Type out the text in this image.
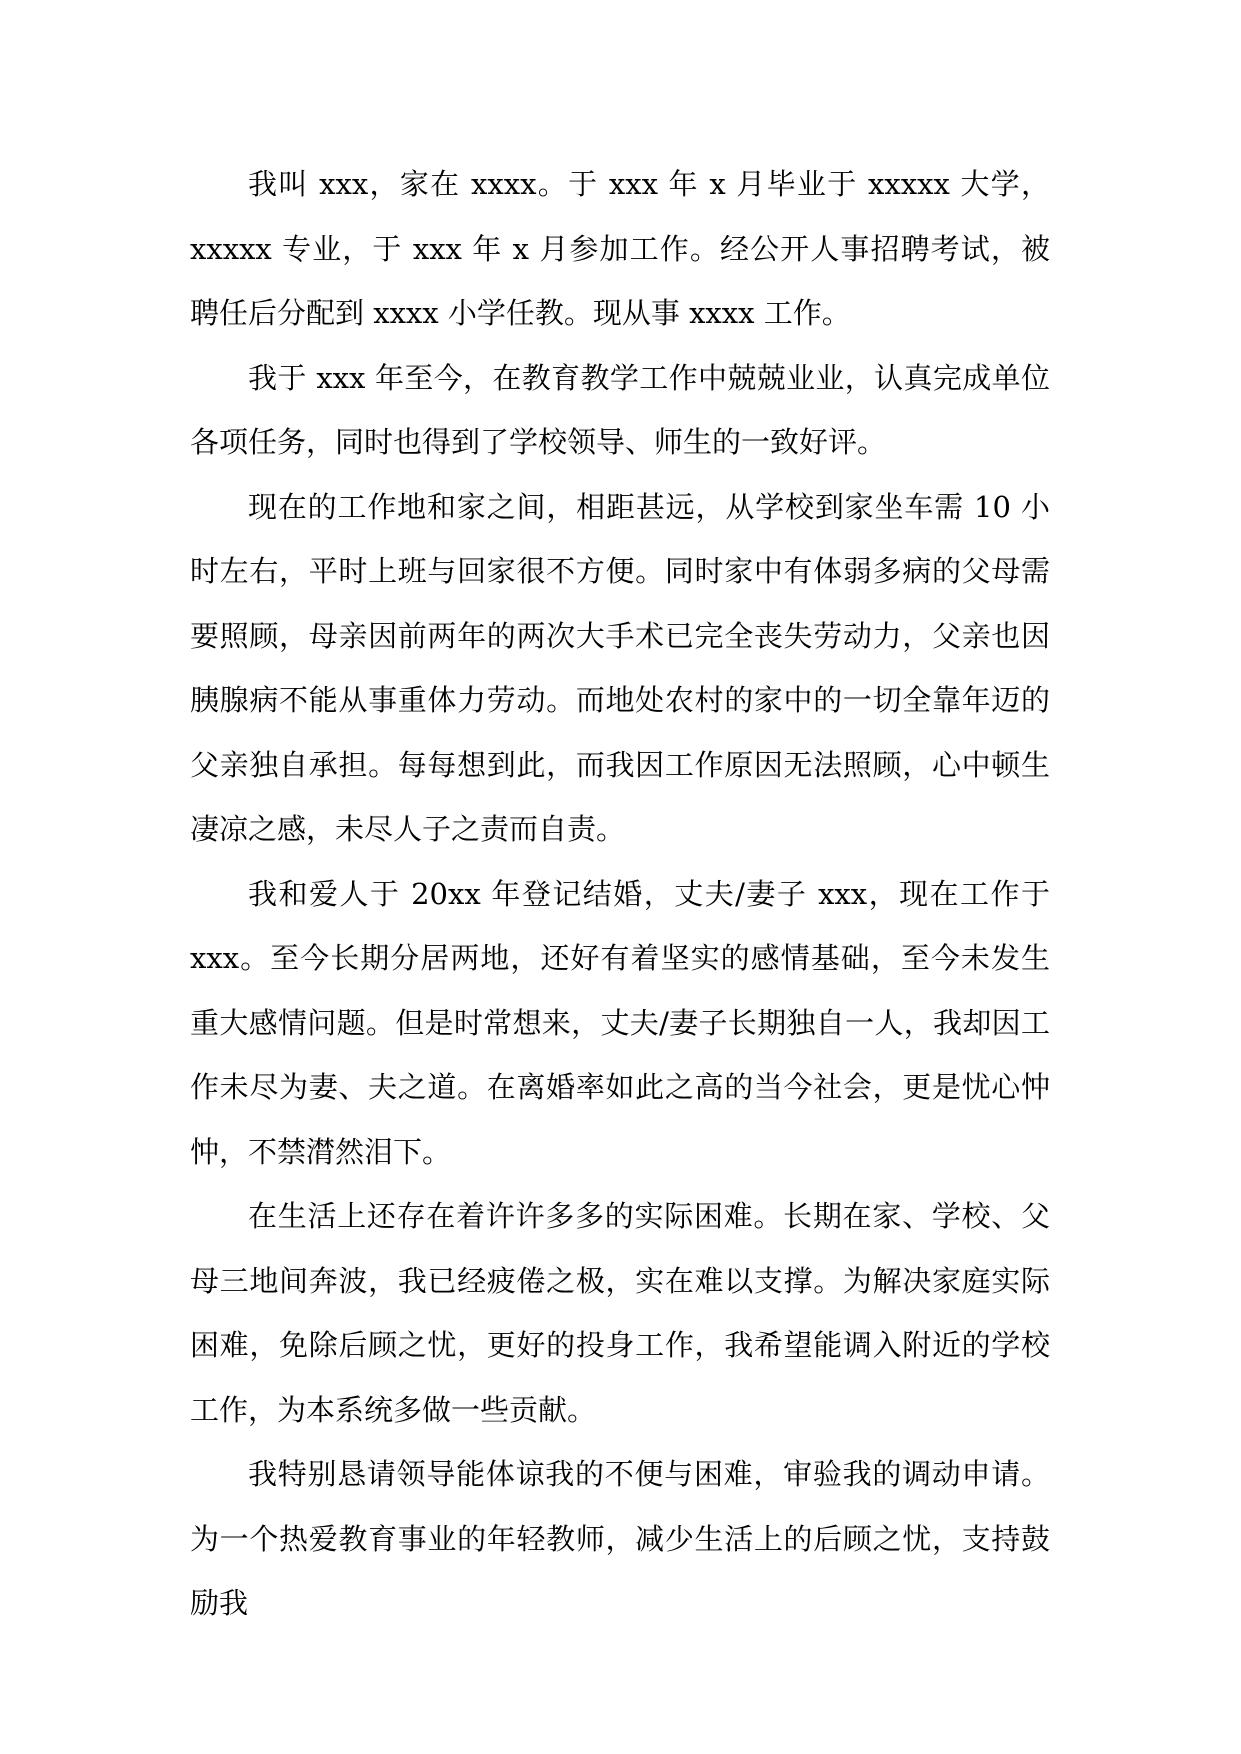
我叫 xxx，家在 xxxx。于 xxx 年 x 月毕业于 xxxxx 大学，xxxxx 专业，于 xxx 年 x 月参加工作。经公开人事招聘考试，被聘任后分配到 xxxx 小学任教。现从事 xxxx 工作。

我于 xxx 年至今，在教育教学工作中兢兢业业，认真完成单位各项任务，同时也得到了学校领导、师生的一致好评。

现在的工作地和家之间，相距甚远，从学校到家坐车需 10 小时左右，平时上班与回家很不方便。同时家中有体弱多病的父母需要照顾，母亲因前两年的两次大手术已完全丧失劳动力，父亲也因胰腺病不能从事重体力劳动。而地处农村的家中的一切全靠年迈的父亲独自承担。每每想到此，而我因工作原因无法照顾，心中顿生凄凉之感，未尽人子之责而自责。

我和爱人于 20xx 年登记结婚，丈夫/妻子 xxx，现在工作于 xxx。至今长期分居两地，还好有着坚实的感情基础，至今未发生重大感情问题。但是时常想来，丈夫/妻子长期独自一人，我却因工作未尽为妻、夫之道。在离婚率如此之高的当今社会，更是忧心忡忡，不禁潸然泪下。

在生活上还存在着许许多多的实际困难。长期在家、学校、父母三地间奔波，我已经疲倦之极，实在难以支撑。为解决家庭实际困难，免除后顾之忧，更好的投身工作，我希望能调入附近的学校工作，为本系统多做一些贡献。

我特别恳请领导能体谅我的不便与困难，审验我的调动申请。为一个热爱教育事业的年轻教师，减少生活上的后顾之忧，支持鼓励我
